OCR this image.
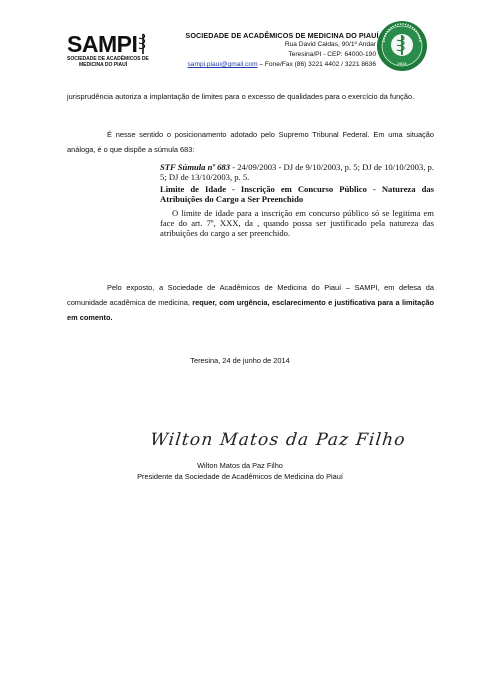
SAMPI
SOCIEDADE DE ACADÊMICOS DE
MEDICINA DO PIAUÍ
SOCIEDADE DE ACADÊMICOS DE MEDICINA DO PIAUÍ
Rua David Caldas, 90/1º Andar
Teresina/PI - CEP: 64000-190
sampi.piaui@gmail.com – Fone/Fax (86) 3221 4402 / 3221 8636	2013
jurisprudência autoriza a implantação de limites para o excesso de qualidades para o exercício da função.
É nesse sentido o posicionamento adotado pelo Supremo Tribunal Federal. Em uma situação análoga, é o que dispõe a súmula 683:
STF Súmula nº 683 - 24/09/2003 - DJ de 9/10/2003, p. 5; DJ de 10/10/2003, p. 5; DJ de 13/10/2003, p. 5.
Limite de Idade - Inscrição em Concurso Público - Natureza das Atribuições do Cargo a Ser Preenchido
O limite de idade para a inscrição em concurso público só se legitima em face do art. 7º, XXX, da , quando possa ser justificado pela natureza das atribuições do cargo a ser preenchido.
Pelo exposto, a Sociedade de Acadêmicos de Medicina do Piauí – SAMPI, em defesa da comunidade acadêmica de medicina, requer, com urgência, esclarecimento e justificativa para a limitação em comento.
Teresina, 24 de junho de 2014
Wilton Matos da Paz Filho
Wilton Matos da Paz Filho
Presidente da Sociedade de Acadêmicos de Medicina do Piauí
